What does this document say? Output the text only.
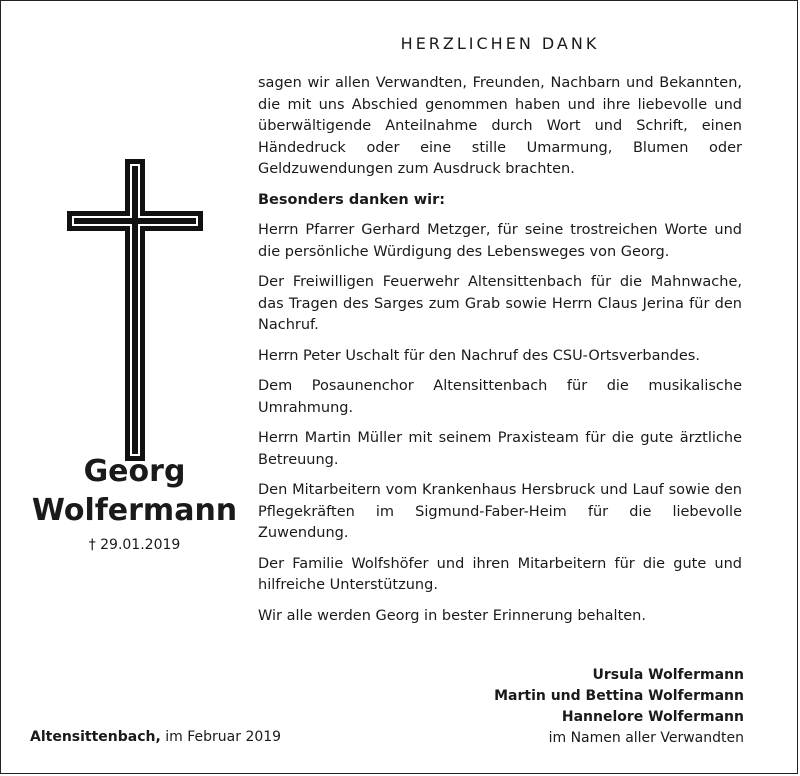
HERZLICHEN DANK
Georg
Wolfermann
† 29.01.2019

sagen wir allen Verwandten, Freunden, Nachbarn und Bekannten, die mit uns Abschied genommen haben und ihre liebevolle und überwältigende Anteilnahme durch Wort und Schrift, einen Händedruck oder eine stille Umarmung, Blumen oder Geldzuwendungen zum Ausdruck brachten.

Besonders danken wir:

Herrn Pfarrer Gerhard Metzger, für seine trostreichen Worte und die persönliche Würdigung des Lebensweges von Georg.

Der Freiwilligen Feuerwehr Altensittenbach für die Mahnwache, das Tragen des Sarges zum Grab sowie Herrn Claus Jerina für den Nachruf.

Herrn Peter Uschalt für den Nachruf des CSU-Ortsverbandes.

Dem Posaunenchor Altensittenbach für die musikalische Umrahmung.

Herrn Martin Müller mit seinem Praxisteam für die gute ärztliche Betreuung.

Den Mitarbeitern vom Krankenhaus Hersbruck und Lauf sowie den Pflegekräften im Sigmund-Faber-Heim für die liebevolle Zuwendung.

Der Familie Wolfshöfer und ihren Mitarbeitern für die gute und hilfreiche Unterstützung.

Wir alle werden Georg in bester Erinnerung behalten.

Ursula Wolfermann
Martin und Bettina Wolfermann
Hannelore Wolfermann
im Namen aller Verwandten
Altensittenbach, im Februar 2019
